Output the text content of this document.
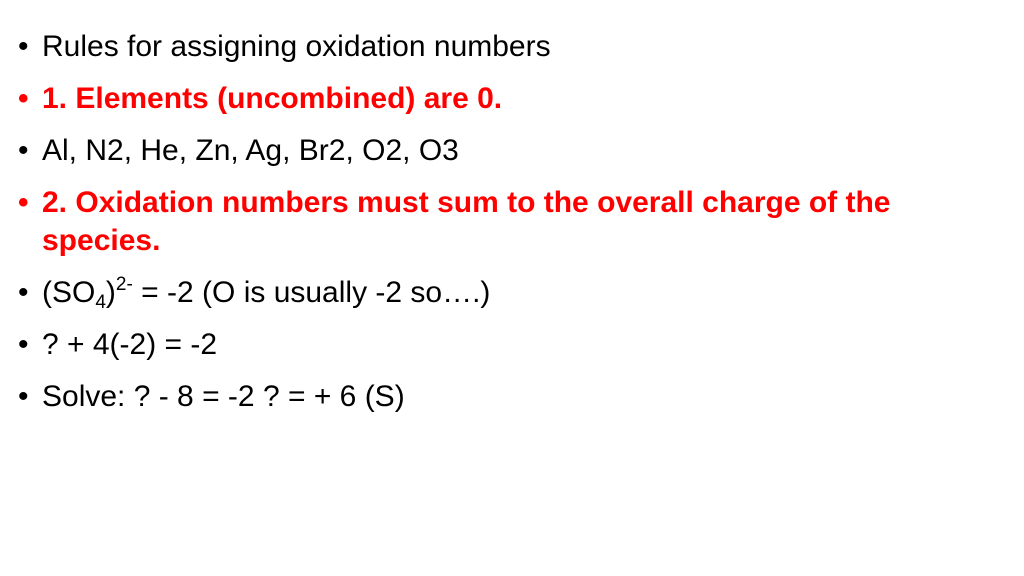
• Rules for assigning oxidation numbers
• 1. Elements (uncombined) are 0.
• Al, N2, He, Zn, Ag, Br2, O2, O3
• 2. Oxidation numbers must sum to the overall charge of the species.
• $(SO_4)^{2-} = -2$ (O is usually -2 so….)
• ? + 4(-2) = -2
• Solve: ? - 8 = -2 ? = + 6 (S)
